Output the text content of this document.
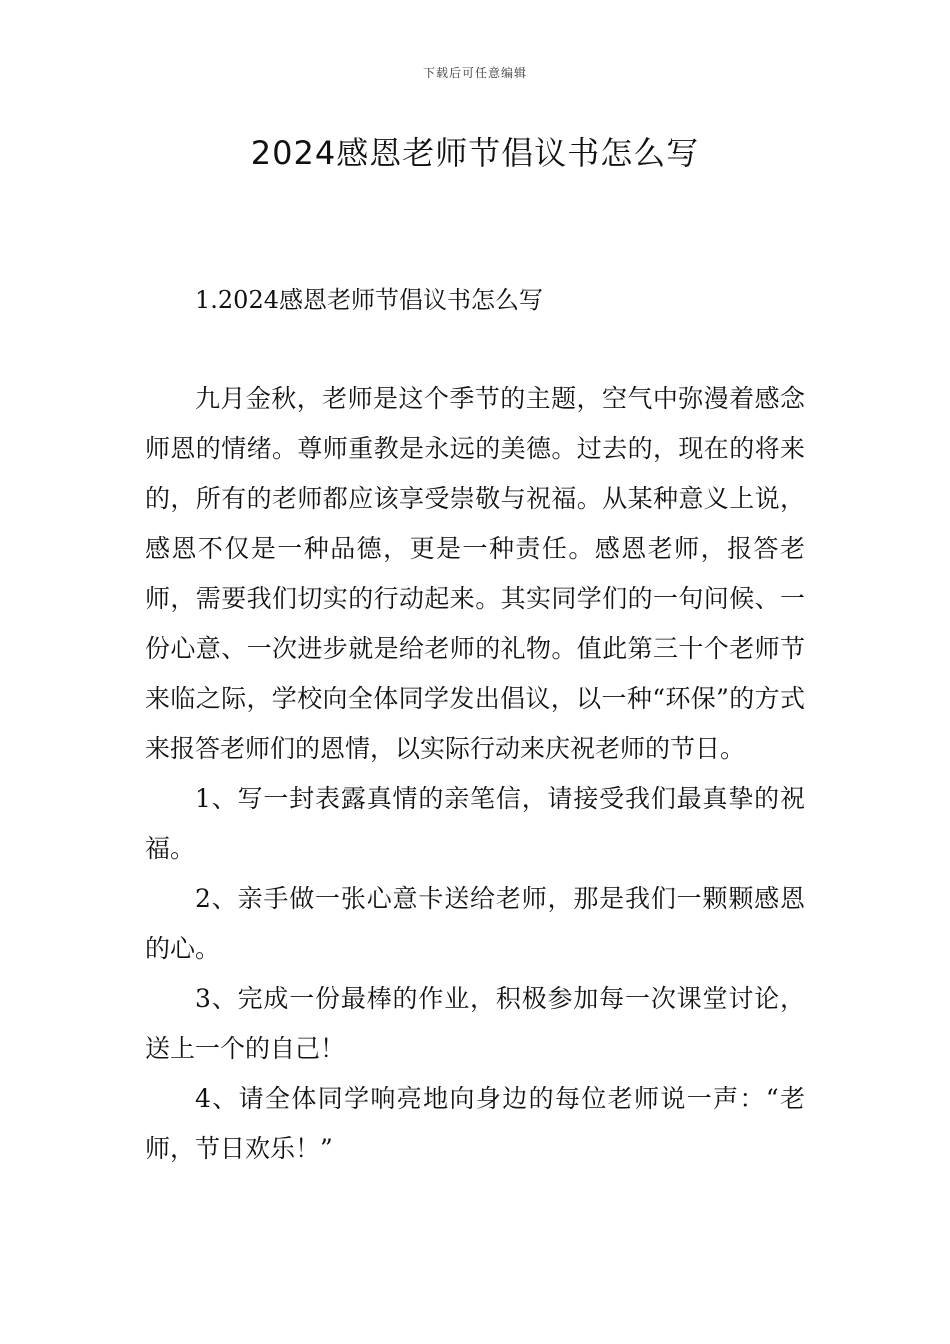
下载后可任意编辑
2024感恩老师节倡议书怎么写
1.2024感恩老师节倡议书怎么写

九月金秋，老师是这个季节的主题，空气中弥漫着感念师恩的情绪。尊师重教是永远的美德。过去的，现在的将来的，所有的老师都应该享受崇敬与祝福。从某种意义上说，感恩不仅是一种品德，更是一种责任。感恩老师，报答老师，需要我们切实的行动起来。其实同学们的一句问候、一份心意、一次进步就是给老师的礼物。值此第三十个老师节来临之际，学校向全体同学发出倡议，以一种“环保”的方式来报答老师们的恩情，以实际行动来庆祝老师的节日。

1、写一封表露真情的亲笔信，请接受我们最真挚的祝福。

2、亲手做一张心意卡送给老师，那是我们一颗颗感恩的心。

3、完成一份最棒的作业，积极参加每一次课堂讨论，送上一个的自己！

4、请全体同学响亮地向身边的每位老师说一声：“老师，节日欢乐！”
